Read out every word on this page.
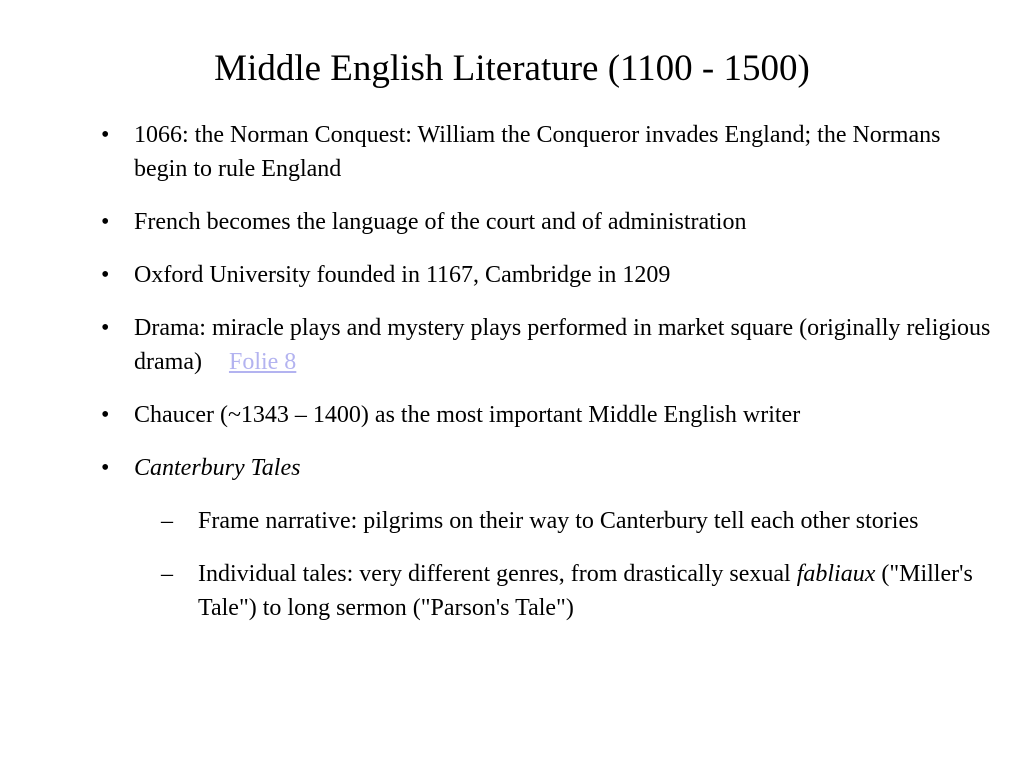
Middle English Literature (1100 - 1500)
• 1066: the Norman Conquest: William the Conqueror invades England; the Normans begin to rule England
• French becomes the language of the court and of administration
• Oxford University founded in 1167, Cambridge in 1209
• Drama: miracle plays and mystery plays performed in market square (originally religious drama) Folie 8
• Chaucer (~1343 – 1400) as the most important Middle English writer
• Canterbury Tales
– Frame narrative: pilgrims on their way to Canterbury tell each other stories
– Individual tales: very different genres, from drastically sexual fabliaux ("Miller's Tale") to long sermon ("Parson's Tale")
